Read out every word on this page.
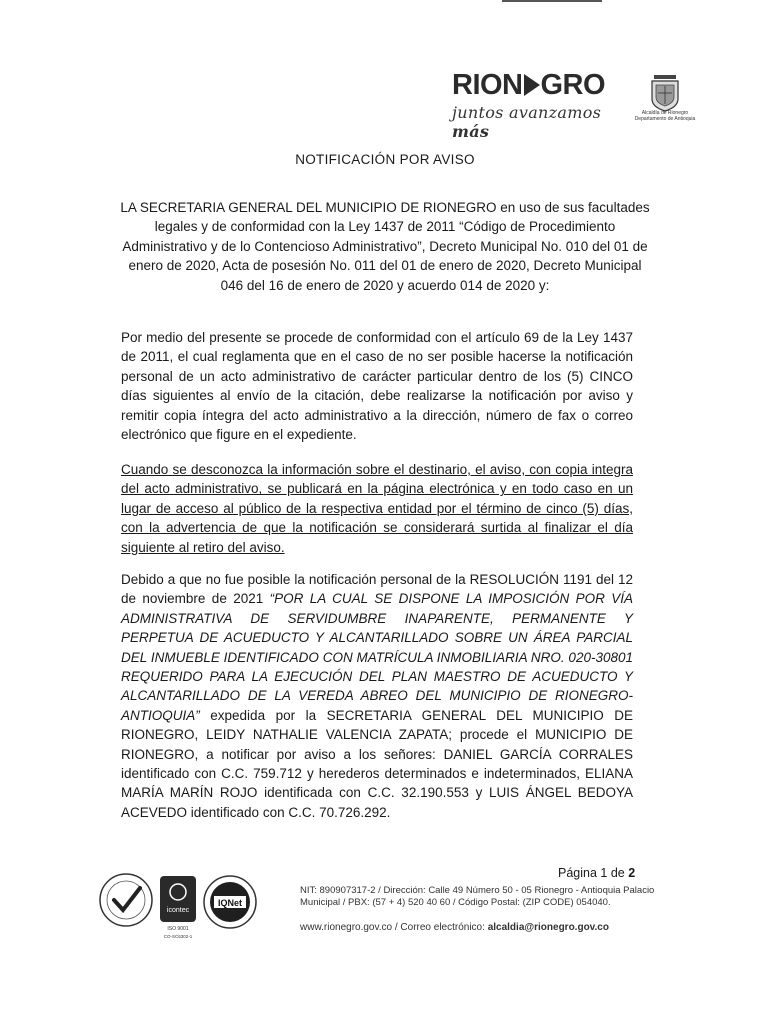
RION GRO
juntos avanzamos más
Alcaldía de Rionegro Departamento de Antioquia
NOTIFICACIÓN POR AVISO
LA SECRETARIA GENERAL DEL MUNICIPIO DE RIONEGRO en uso de sus facultades legales y de conformidad con la Ley 1437 de 2011 “Código de Procedimiento Administrativo y de lo Contencioso Administrativo”, Decreto Municipal No. 010 del 01 de enero de 2020, Acta de posesión No. 011 del 01 de enero de 2020, Decreto Municipal 046 del 16 de enero de 2020 y acuerdo 014 de 2020 y:
Por medio del presente se procede de conformidad con el artículo 69 de la Ley 1437 de 2011, el cual reglamenta que en el caso de no ser posible hacerse la notificación personal de un acto administrativo de carácter particular dentro de los (5) CINCO días siguientes al envío de la citación, debe realizarse la notificación por aviso y remitir copia íntegra del acto administrativo a la dirección, número de fax o correo electrónico que figure en el expediente.
Cuando se desconozca la información sobre el destinario, el aviso, con copia integra del acto administrativo, se publicará en la página electrónica y en todo caso en un lugar de acceso al público de la respectiva entidad por el término de cinco (5) días, con la advertencia de que la notificación se considerará surtida al finalizar el día siguiente al retiro del aviso.
Debido a que no fue posible la notificación personal de la RESOLUCIÓN 1191 del 12 de noviembre de 2021 “POR LA CUAL SE DISPONE LA IMPOSICIÓN POR VÍA ADMINISTRATIVA DE SERVIDUMBRE INAPARENTE, PERMANENTE Y PERPETUA DE ACUEDUCTO Y ALCANTARILLADO SOBRE UN ÁREA PARCIAL DEL INMUEBLE IDENTIFICADO CON MATRÍCULA INMOBILIARIA NRO. 020-30801 REQUERIDO PARA LA EJECUCIÓN DEL PLAN MAESTRO DE ACUEDUCTO Y ALCANTARILLADO DE LA VEREDA ABREO DEL MUNICIPIO DE RIONEGRO-ANTIOQUIA” expedida por la SECRETARIA GENERAL DEL MUNICIPIO DE RIONEGRO, LEIDY NATHALIE VALENCIA ZAPATA; procede el MUNICIPIO DE RIONEGRO, a notificar por aviso a los señores: DANIEL GARCÍA CORRALES identificado con C.C. 759.712 y herederos determinados e indeterminados, ELIANA MARÍA MARÍN ROJO identificada con C.C. 32.190.553 y LUIS ÁNGEL BEDOYA ACEVEDO identificado con C.C. 70.726.292.
icontec
ISO 9001
CO-SC6302-1
IQNet
Página 1 de 2
NIT: 890907317-2 / Dirección: Calle 49 Número 50 - 05 Rionegro - Antioquia Palacio
Municipal / PBX: (57 + 4) 520 40 60 / Código Postal: (ZIP CODE) 054040.
www.rionegro.gov.co / Correo electrónico: alcaldia@rionegro.gov.co
